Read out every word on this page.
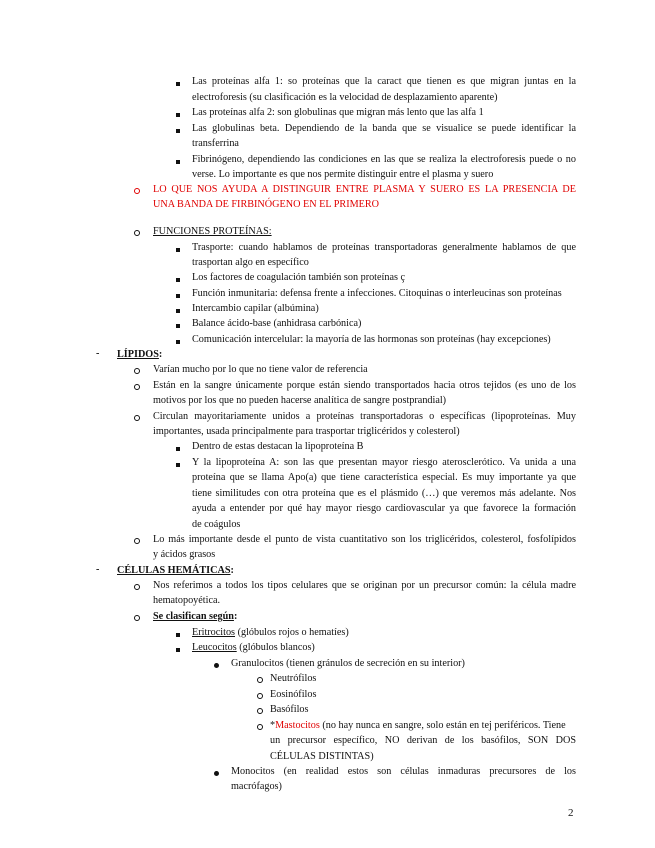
Las proteínas alfa 1: so proteínas que la caract que tienen es que migran juntas en la
electroforesis (su clasificación es la velocidad de desplazamiento aparente)
Las proteínas alfa 2: son globulinas que migran más lento que las alfa 1
Las globulinas beta. Dependiendo de la banda que se visualice se puede identificar la
transferrina
Fibrinógeno, dependiendo las condiciones en las que se realiza la electroforesis puede o no
verse. Lo importante es que nos permite distinguir entre el plasma y suero
LO QUE NOS AYUDA A DISTINGUIR ENTRE PLASMA Y SUERO ES LA PRESENCIA DE
UNA BANDA DE FIRBINÓGENO EN EL PRIMERO
FUNCIONES PROTEÍNAS:
Trasporte: cuando hablamos de proteínas transportadoras generalmente hablamos de que
trasportan algo en específico
Los factores de coagulación también son proteínas ç
Función inmunitaria: defensa frente a infecciones. Citoquinas o interleucinas son proteínas
Intercambio capilar (albúmina)
Balance ácido-base (anhidrasa carbónica)
Comunicación intercelular: la mayoría de las hormonas son proteínas (hay excepciones)
- LÍPIDOS:
Varían mucho por lo que no tiene valor de referencia
Están en la sangre únicamente porque están siendo transportados hacia otros tejidos (es uno de los
motivos por los que no pueden hacerse analítica de sangre postprandial)
Circulan mayoritariamente unidos a proteínas transportadoras o específicas (lipoproteínas. Muy
importantes, usada principalmente para trasportar triglicéridos y colesterol)
Dentro de estas destacan la lipoproteína B
Y la lipoproteína A: son las que presentan mayor riesgo aterosclerótico. Va unida a una
proteína que se llama Apo(a) que tiene característica especial. Es muy importante ya que
tiene similitudes con otra proteína que es el plásmido (…) que veremos más adelante. Nos
ayuda a entender por qué hay mayor riesgo cardiovascular ya que favorece la formación
de coágulos
Lo más importante desde el punto de vista cuantitativo son los triglicéridos, colesterol, fosfolípidos
y ácidos grasos
- CÉLULAS HEMÁTICAS:
Nos referimos a todos los tipos celulares que se originan por un precursor común: la célula madre
hematopoyética.
Se clasifican según:
Eritrocitos (glóbulos rojos o hematíes)
Leucocitos (glóbulos blancos)
Granulocitos (tienen gránulos de secreción en su interior)
Neutrófilos
Eosinófilos
Basófilos
*Mastocitos (no hay nunca en sangre, solo están en tej periféricos. Tiene
un precursor específico, NO derivan de los basófilos, SON DOS
CÉLULAS DISTINTAS)
Monocitos (en realidad estos son células inmaduras precursores de los
macrófagos)
2
